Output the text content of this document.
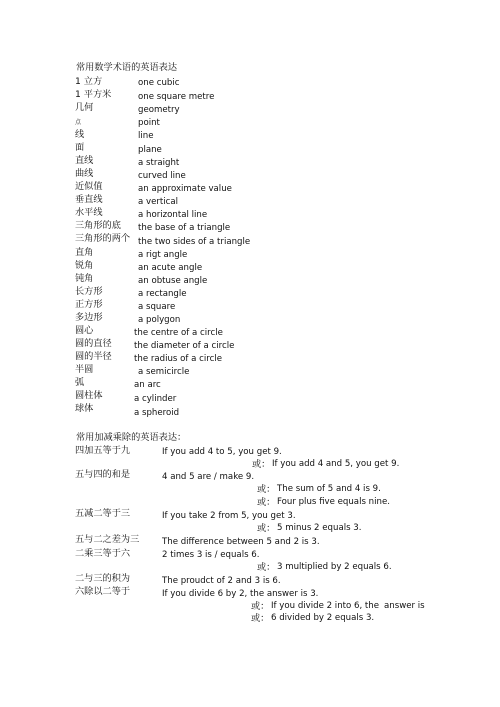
常用数学术语的英语表达
1 立方	one cubic
1 平方米	one square metre
几何	geometry
点	point
线	line
面	plane
直线	a straight
曲线	curved line
近似值	an approximate value
垂直线	a vertical
水平线	a horizontal line
三角形的底 the base of a triangle
三角形的两个 the two sides of a triangle
直角	a rigt angle
锐角	an acute angle
钝角	an obtuse angle
长方形	a rectangle
正方形	a square
多边形	a polygon
圆心	the centre of a circle
圆的直径	the diameter of a circle
圆的半径	the radius of a circle
半圆	a semicircle
弧	an arc
圆柱体	a cylinder
球体	a spheroid
常用加减乘除的英语表达：
四加五等于九	If you add 4 to 5, you get 9.
或： If you add 4 and 5, you get 9.
五与四的和是	4 and 5 are / make 9.
或： The sum of 5 and 4 is 9.
或： Four plus five equals nine.
五减二等于三	If you take 2 from 5, you get 3.
或： 5 minus 2 equals 3.
五与二之差为三	The difference between 5 and 2 is 3.
二乘三等于六	2 times 3 is / equals 6.
或： 3 multiplied by 2 equals 6.
二与三的积为	The proudct of 2 and 3 is 6.
六除以二等于	If you divide 6 by 2, the answer is 3.
或： If you divide 2 into 6, the answer is
或： 6 divided by 2 equals 3.
